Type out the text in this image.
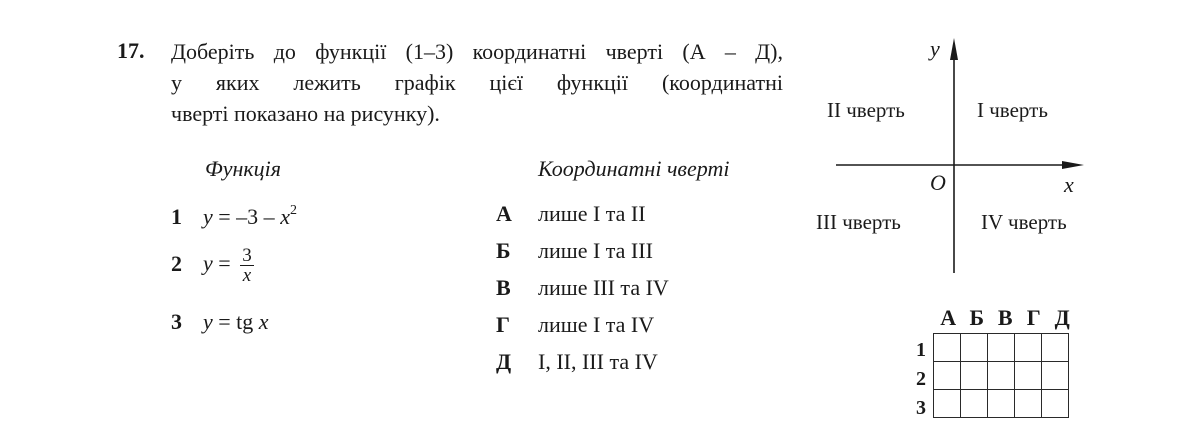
17. Доберіть до функції (1–3) координатні чверті (А – Д),
у яких лежить графік цієї функції (координатні
чверті показано на рисунку).
Функція	Координатні чверті
1 $y = -3 - x^2$
2 $y = \frac{3}{x}$
3 y = tg x
А лише І та ІІ
Б лише І та ІІІ
В лише ІІІ та IV
Г лише І та IV
Д І, ІІ, ІІІ та IV
y
x
O
ІІ чверть	І чверть
ІІІ чверть	IV чверть
А Б В Г Д
1
2
3
